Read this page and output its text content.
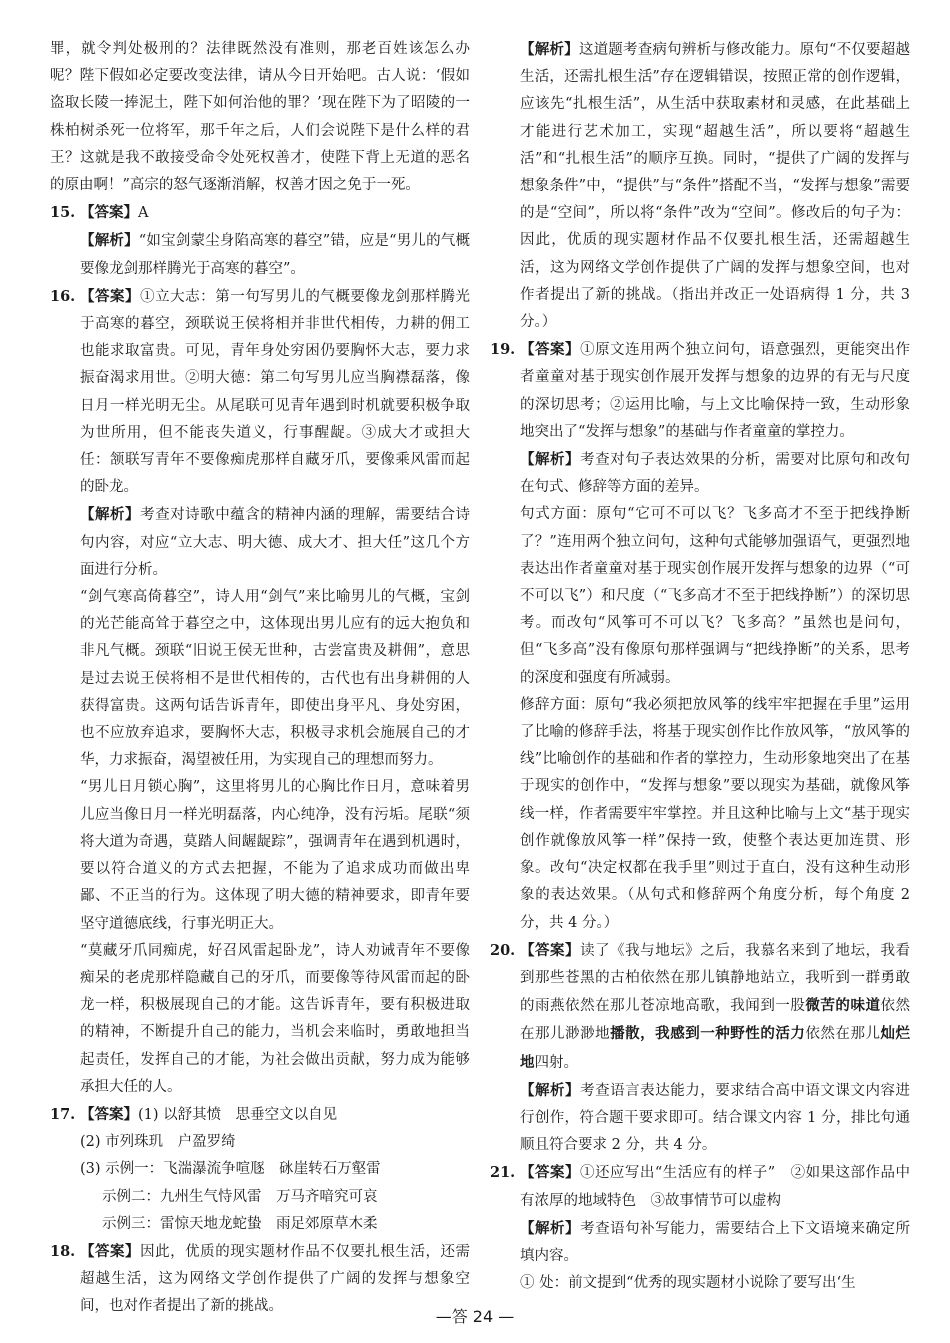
罪，就令判处极刑的？法律既然没有准则，那老百姓该怎么办呢？陛下假如必定要改变法律，请从今日开始吧。古人说：‘假如盗取长陵一捧泥土，陛下如何治他的罪？’现在陛下为了昭陵的一株柏树杀死一位将军，那千年之后，人们会说陛下是什么样的君王？这就是我不敢接受命令处死权善才，使陛下背上无道的恶名的原由啊！”高宗的怒气逐渐消解，权善才因之免于一死。

15. 【答案】A

【解析】“如宝剑蒙尘身陷高寒的暮空”错，应是“男儿的气概要像龙剑那样腾光于高寒的暮空”。

16. 【答案】①立大志：第一句写男儿的气概要像龙剑那样腾光于高寒的暮空，颈联说王侯将相并非世代相传，力耕的佣工也能求取富贵。可见，青年身处穷困仍要胸怀大志，要力求振奋渴求用世。②明大德：第二句写男儿应当胸襟磊落，像日月一样光明无尘。从尾联可见青年遇到时机就要积极争取为世所用，但不能丧失道义，行事醒龊。③成大才或担大任：颔联写青年不要像痴虎那样自藏牙爪，要像乘风雷而起的卧龙。

【解析】考查对诗歌中蕴含的精神内涵的理解，需要结合诗句内容，对应“立大志、明大德、成大才、担大任”这几个方面进行分析。

“剑气寒高倚暮空”，诗人用“剑气”来比喻男儿的气概，宝剑的光芒能高耸于暮空之中，这体现出男儿应有的远大抱负和非凡气概。颈联“旧说王侯无世种，古尝富贵及耕佣”，意思是过去说王侯将相不是世代相传的，古代也有出身耕佣的人获得富贵。这两句话告诉青年，即使出身平凡、身处穷困，也不应放弃追求，要胸怀大志，积极寻求机会施展自己的才华，力求振奋，渴望被任用，为实现自己的理想而努力。

“男儿日月锁心胸”，这里将男儿的心胸比作日月，意味着男儿应当像日月一样光明磊落，内心纯净，没有污垢。尾联“须将大道为奇遇，莫踏人间龌龊踪”，强调青年在遇到机遇时，要以符合道义的方式去把握，不能为了追求成功而做出卑鄙、不正当的行为。这体现了明大德的精神要求，即青年要坚守道德底线，行事光明正大。

“莫藏牙爪同痴虎，好召风雷起卧龙”，诗人劝诫青年不要像痴呆的老虎那样隐藏自己的牙爪，而要像等待风雷而起的卧龙一样，积极展现自己的才能。这告诉青年，要有积极进取的精神，不断提升自己的能力，当机会来临时，勇敢地担当起责任，发挥自己的才能，为社会做出贡献，努力成为能够承担大任的人。

17. 【答案】(1) 以舒其愤　思垂空文以自见

(2) 市列珠玑　户盈罗绮

(3) 示例一：飞湍瀑流争喧豗　砯崖转石万壑雷

示例二：九州生气恃风雷　万马齐喑究可哀

示例三：雷惊天地龙蛇蛰　雨足郊原草木柔

18. 【答案】因此，优质的现实题材作品不仅要扎根生活，还需超越生活，这为网络文学创作提供了广阔的发挥与想象空间，也对作者提出了新的挑战。

【解析】这道题考查病句辨析与修改能力。原句“不仅要超越生活，还需扎根生活”存在逻辑错误，按照正常的创作逻辑，应该先“扎根生活”，从生活中获取素材和灵感，在此基础上才能进行艺术加工，实现“超越生活”，所以要将“超越生活”和“扎根生活”的顺序互换。同时，“提供了广阔的发挥与想象条件”中，“提供”与“条件”搭配不当，“发挥与想象”需要的是“空间”，所以将“条件”改为“空间”。修改后的句子为：因此，优质的现实题材作品不仅要扎根生活，还需超越生活，这为网络文学创作提供了广阔的发挥与想象空间，也对作者提出了新的挑战。（指出并改正一处语病得 1 分，共 3 分。）

19. 【答案】①原文连用两个独立问句，语意强烈，更能突出作者童童对基于现实创作展开发挥与想象的边界的有无与尺度的深切思考；②运用比喻，与上文比喻保持一致，生动形象地突出了“发挥与想象”的基础与作者童童的掌控力。

【解析】考查对句子表达效果的分析，需要对比原句和改句在句式、修辞等方面的差异。

句式方面：原句“它可不可以飞？飞多高才不至于把线挣断了？”连用两个独立问句，这种句式能够加强语气，更强烈地表达出作者童童对基于现实创作展开发挥与想象的边界（“可不可以飞”）和尺度（“飞多高才不至于把线挣断”）的深切思考。而改句“风筝可不可以飞？飞多高？”虽然也是问句，但“飞多高”没有像原句那样强调与“把线挣断”的关系，思考的深度和强度有所减弱。

修辞方面：原句“我必须把放风筝的线牢牢把握在手里”运用了比喻的修辞手法，将基于现实创作比作放风筝，“放风筝的线”比喻创作的基础和作者的掌控力，生动形象地突出了在基于现实的创作中，“发挥与想象”要以现实为基础，就像风筝线一样，作者需要牢牢掌控。并且这种比喻与上文“基于现实创作就像放风筝一样”保持一致，使整个表达更加连贯、形象。改句“决定权都在我手里”则过于直白，没有这种生动形象的表达效果。（从句式和修辞两个角度分析，每个角度 2 分，共 4 分。）

20. 【答案】读了《我与地坛》之后，我慕名来到了地坛，我看到那些苍黑的古柏依然在那儿镇静地站立，我听到一群勇敢的雨燕依然在那儿苍凉地高歌，我闻到一股微苦的味道依然在那儿渺渺地播散，我感到一种野性的活力依然在那儿灿烂地四射。

【解析】考查语言表达能力，要求结合高中语文课文内容进行创作，符合题干要求即可。结合课文内容 1 分，排比句通顺且符合要求 2 分，共 4 分。

21. 【答案】①还应写出“生活应有的样子”　②如果这部作品中有浓厚的地域特色　③故事情节可以虚构

【解析】考查语句补写能力，需要结合上下文语境来确定所填内容。

① 处：前文提到“优秀的现实题材小说除了要写出‘生

—答 24 —
